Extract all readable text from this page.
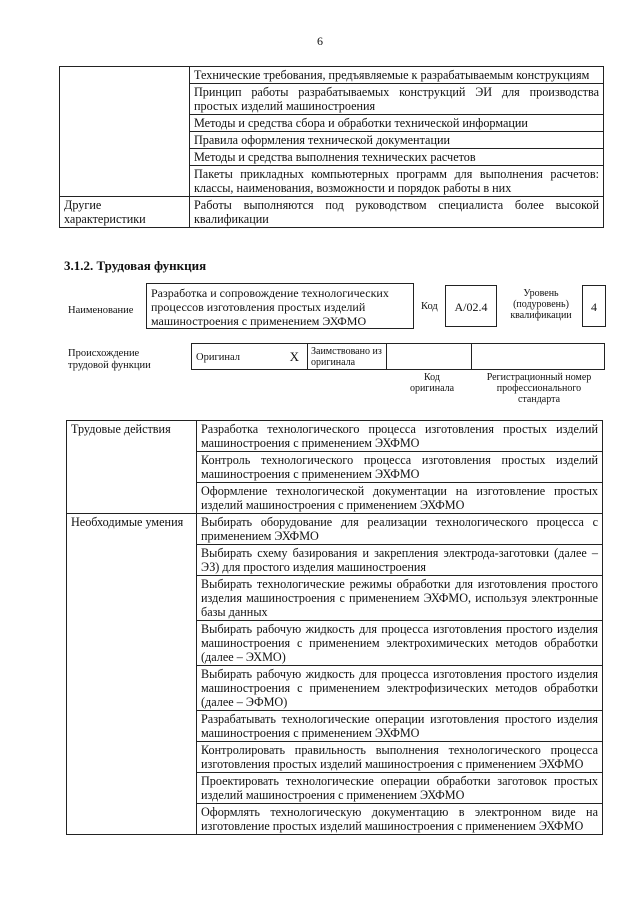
6
	Технические требования, предъявляемые к разрабатываемым конструкциям
	Принцип работы разрабатываемых конструкций ЭИ для производства простых изделий машиностроения
	Методы и средства сбора и обработки технической информации
	Правила оформления технической документации
	Методы и средства выполнения технических расчетов
	Пакеты прикладных компьютерных программ для выполнения расчетов: классы, наименования, возможности и порядок работы в них
Другие характеристики	Работы выполняются под руководством специалиста более высокой квалификации
3.1.2. Трудовая функция
Наименование
Разработка и сопровождение технологических процессов изготовления простых изделий машиностроения с применением ЭХФМО
Код	А/02.4
Уровень (подуровень) квалификации
4
Происхождение трудовой функции
Оригинал	X	Заимствовано из оригинала
Код оригинала
Регистрационный номер профессионального стандарта
Трудовые действия	Разработка технологического процесса изготовления простых изделий машиностроения с применением ЭХФМО
	Контроль технологического процесса изготовления простых изделий машиностроения с применением ЭХФМО
	Оформление технологической документации на изготовление простых изделий машиностроения с применением ЭХФМО
Необходимые умения	Выбирать оборудование для реализации технологического процесса с применением ЭХФМО
	Выбирать схему базирования и закрепления электрода-заготовки (далее – ЭЗ) для простого изделия машиностроения
	Выбирать технологические режимы обработки для изготовления простого изделия машиностроения с применением ЭХФМО, используя электронные базы данных
	Выбирать рабочую жидкость для процесса изготовления простого изделия машиностроения с применением электрохимических методов обработки (далее – ЭХМО)
	Выбирать рабочую жидкость для процесса изготовления простого изделия машиностроения с применением электрофизических методов обработки (далее – ЭФМО)
	Разрабатывать технологические операции изготовления простого изделия машиностроения с применением ЭХФМО
	Контролировать правильность выполнения технологического процесса изготовления простых изделий машиностроения с применением ЭХФМО
	Проектировать технологические операции обработки заготовок простых изделий машиностроения с применением ЭХФМО
	Оформлять технологическую документацию в электронном виде на изготовление простых изделий машиностроения с применением ЭХФМО
